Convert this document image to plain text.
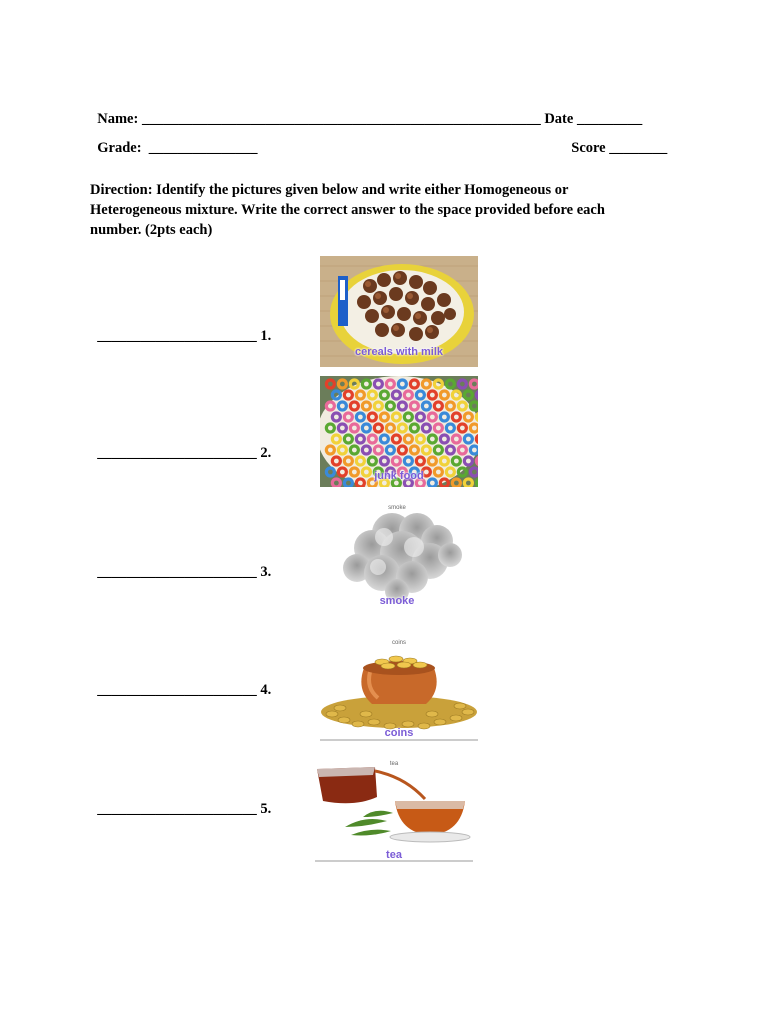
Name: _______________________________________________________ Date _________

Grade:  _______________	Score ________

Direction: Identify the pictures given below and write either Homogeneous or Heterogeneous mixture. Write the correct answer to the space provided before each number. (2pts each)

______________________ 1.

______________________ 2.

______________________ 3.

______________________ 4.

______________________ 5.

cereals with milk
junk food
smoke
smoke
coins
coins
tea
tea
